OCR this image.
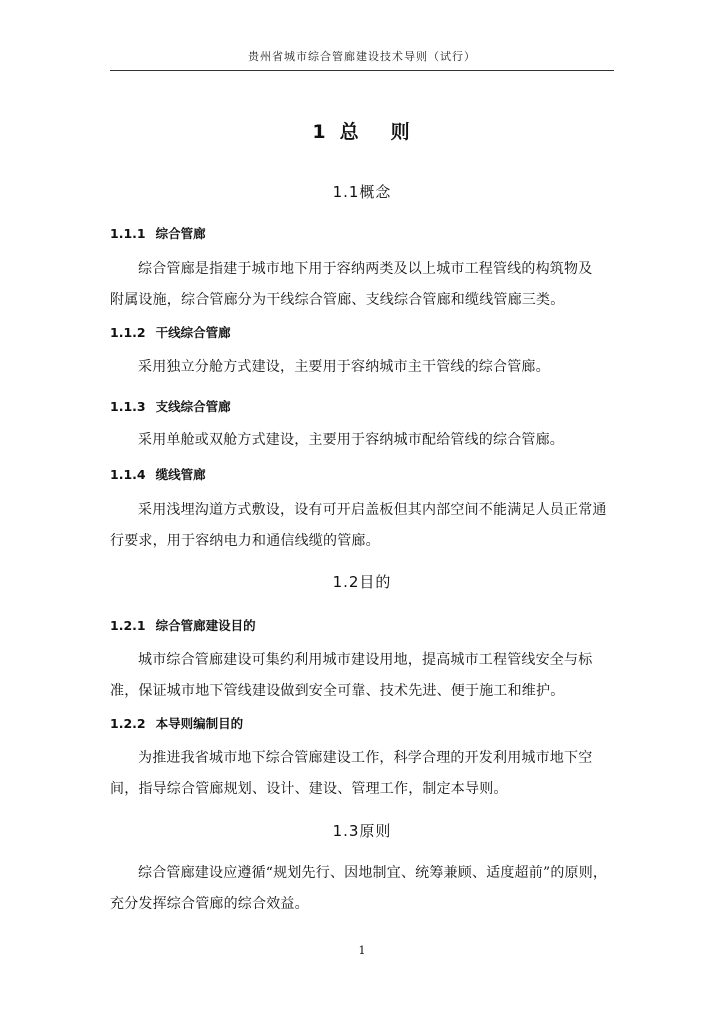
贵州省城市综合管廊建设技术导则（试行）
1 总 则
1.1概念
1.1.1 综合管廊
综合管廊是指建于城市地下用于容纳两类及以上城市工程管线的构筑物及
附属设施，综合管廊分为干线综合管廊、支线综合管廊和缆线管廊三类。
1.1.2 干线综合管廊
采用独立分舱方式建设，主要用于容纳城市主干管线的综合管廊。
1.1.3 支线综合管廊
采用单舱或双舱方式建设，主要用于容纳城市配给管线的综合管廊。
1.1.4 缆线管廊
采用浅埋沟道方式敷设，设有可开启盖板但其内部空间不能满足人员正常通
行要求，用于容纳电力和通信线缆的管廊。
1.2目的
1.2.1 综合管廊建设目的
城市综合管廊建设可集约利用城市建设用地，提高城市工程管线安全与标
准，保证城市地下管线建设做到安全可靠、技术先进、便于施工和维护。
1.2.2 本导则编制目的
为推进我省城市地下综合管廊建设工作，科学合理的开发利用城市地下空
间，指导综合管廊规划、设计、建设、管理工作，制定本导则。
1.3原则
综合管廊建设应遵循“规划先行、因地制宜、统筹兼顾、适度超前”的原则，
充分发挥综合管廊的综合效益。
1
